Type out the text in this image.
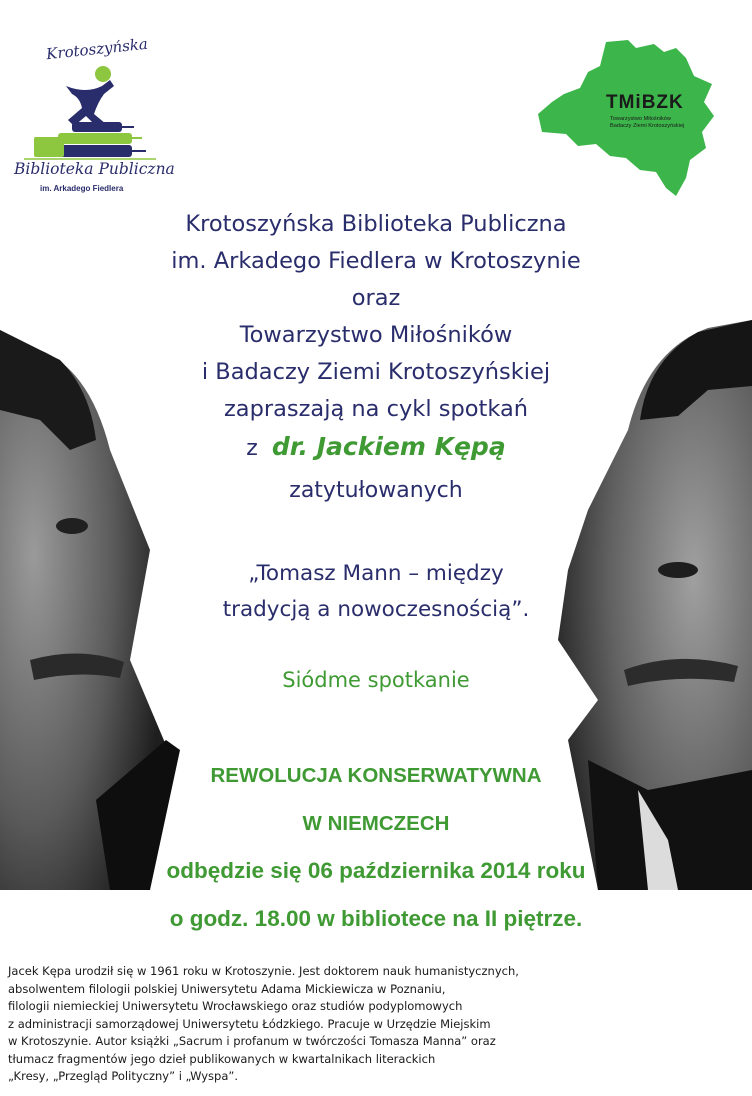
Krotoszyńska
Biblioteka Publiczna
im. Arkadego Fiedlera
TMiBZK
Towarzystwo Miłośników
Badaczy Ziemi Krotoszyńskiej
Krotoszyńska Biblioteka Publiczna
im. Arkadego Fiedlera w Krotoszynie
oraz
Towarzystwo Miłośników
i Badaczy Ziemi Krotoszyńskiej
zapraszają na cykl spotkań
z dr. Jackiem Kępą
zatytułowanych
„Tomasz Mann – między
tradycją a nowoczesnością”.
Siódme spotkanie
REWOLUCJA KONSERWATYWNA
W NIEMCZECH
odbędzie się 06 października 2014 roku
o godz. 18.00 w bibliotece na II piętrze.
Jacek Kępa urodził się w 1961 roku w Krotoszynie. Jest doktorem nauk humanistycznych,
absolwentem filologii polskiej Uniwersytetu Adama Mickiewicza w Poznaniu,
filologii niemieckiej Uniwersytetu Wrocławskiego oraz studiów podyplomowych
z administracji samorządowej Uniwersytetu Łódzkiego. Pracuje w Urzędzie Miejskim
w Krotoszynie. Autor książki „Sacrum i profanum w twórczości Tomasza Manna” oraz
tłumacz fragmentów jego dzieł publikowanych w kwartalnikach literackich
„Kresy, „Przegląd Polityczny” i „Wyspa”.
